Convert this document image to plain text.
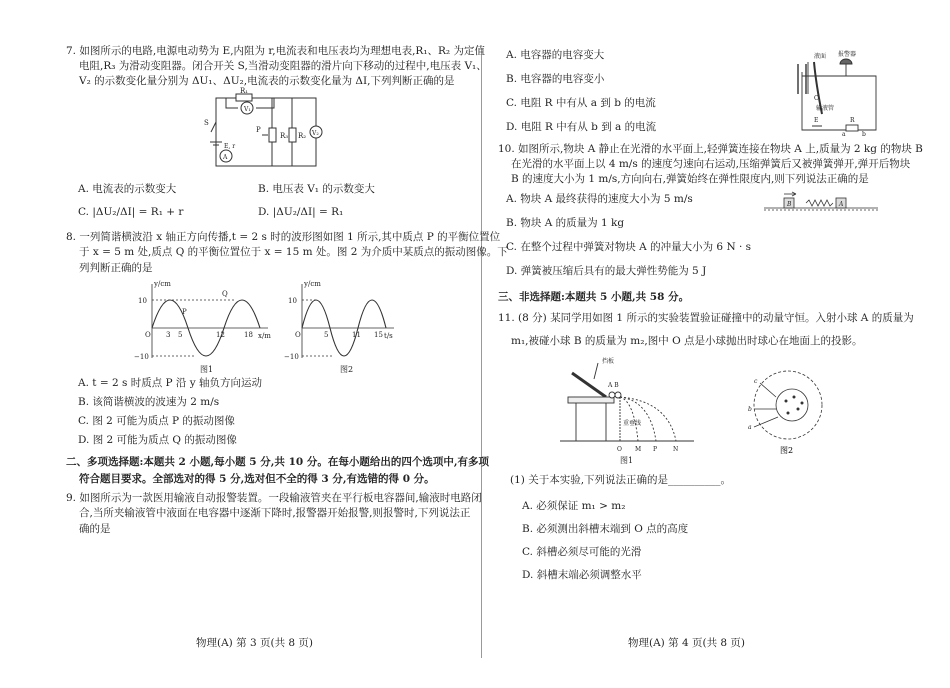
7. 如图所示的电路,电源电动势为 E,内阻为 r,电流表和电压表均为理想电表,R₁、R₂ 为定值

电阻,R₃ 为滑动变阻器。闭合开关 S,当滑动变阻器的滑片向下移动的过程中,电压表 V₁、

V₂ 的示数变化量分别为 ΔU₁、ΔU₂,电流表的示数变化量为 ΔI,下列判断正确的是

R₁
V₁
R₃ R₂ V₂
P
S
E, r
A
A. 电流表的示数变大	B. 电压表 V₁ 的示数变大
C. |ΔU₂/ΔI| = R₁ + r	D. |ΔU₂/ΔI| = R₁

8. 一列简谐横波沿 x 轴正方向传播,t = 2 s 时的波形图如图 1 所示,其中质点 P 的平衡位置位

于 x = 5 m 处,质点 Q 的平衡位置位于 x = 15 m 处。图 2 为介质中某质点的振动图像。下

列判断正确的是

y/cm
x/m
10
−10
O 3 5	12	18
P
Q
图1
y/cm
t/s
10
−10
O	5	11 15
图2

A. t = 2 s 时质点 P 沿 y 轴负方向运动

B. 该简谐横波的波速为 2 m/s

C. 图 2 可能为质点 P 的振动图像

D. 图 2 可能为质点 Q 的振动图像

二、多项选择题:本题共 2 小题,每小题 5 分,共 10 分。在每小题给出的四个选项中,有多项
符合题目要求。全部选对的得 5 分,选对但不全的得 3 分,有选错的得 0 分。

9. 如图所示为一款医用输液自动报警装置。一段输液管夹在平行板电容器间,输液时电路闭

合,当所夹输液管中液面在电容器中逐渐下降时,报警器开始报警,则报警时,下列说法正

确的是

物理(A) 第 3 页(共 8 页)

A. 电容器的电容变大

B. 电容器的电容变小

C. 电阻 R 中有从 a 到 b 的电流

D. 电阻 R 中有从 b 到 a 的电流

液面 报警器
C
输液管
E	R
a	b

10. 如图所示,物块 A 静止在光滑的水平面上,轻弹簧连接在物块 A 上,质量为 2 kg 的物块 B

在光滑的水平面上以 4 m/s 的速度匀速向右运动,压缩弹簧后又被弹簧弹开,弹开后物块

B 的速度大小为 1 m/s,方向向右,弹簧始终在弹性限度内,则下列说法正确的是

A. 物块 A 最终获得的速度大小为 5 m/s

B. 物块 A 的质量为 1 kg

C. 在整个过程中弹簧对物块 A 的冲量大小为 6 N · s

D. 弹簧被压缩后具有的最大弹性势能为 5 J

B	A
三、非选择题:本题共 5 小题,共 58 分。

11. (8 分) 某同学用如图 1 所示的实验装置验证碰撞中的动量守恒。入射小球 A 的质量为

m₁,被碰小球 B 的质量为 m₂,图中 O 点是小球抛出时球心在地面上的投影。

挡板
A B
重垂线
O M P	N
图1
c
b
a
图2

(1) 关于本实验,下列说法正确的是__________。

A. 必须保证 m₁ > m₂

B. 必须测出斜槽末端到 O 点的高度

C. 斜槽必须尽可能的光滑

D. 斜槽末端必须调整水平

物理(A) 第 4 页(共 8 页)
